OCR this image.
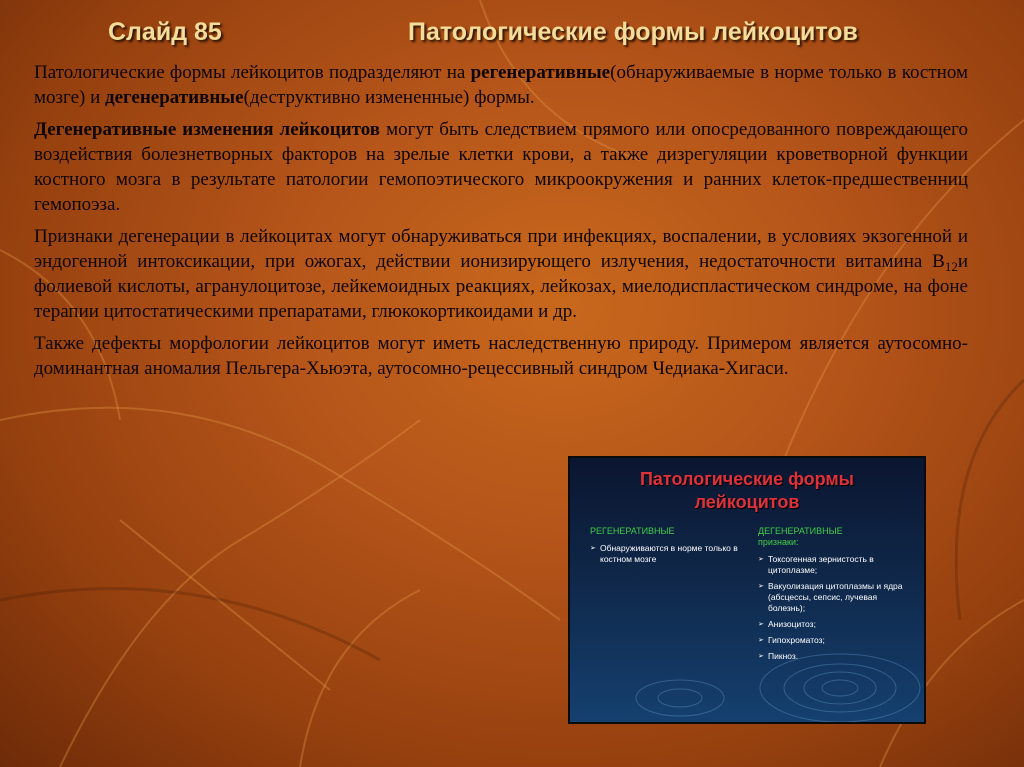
Слайд 85	Патологические формы лейкоцитов

Патологические формы лейкоцитов подразделяют на регенеративные(обнаруживаемые в норме только в костном мозге) и дегенеративные(деструктивно измененные) формы.

Дегенеративные изменения лейкоцитов могут быть следствием прямого или опосредованного повреждающего воздействия болезнетворных факторов на зрелые клетки крови, а также дизрегуляции кроветворной функции костного мозга в результате патологии гемопоэтического микроокружения и ранних клеток-предшественниц гемопоэза.

Признаки дегенерации в лейкоцитах могут обнаруживаться при инфекциях, воспалении, в условиях экзогенной и эндогенной интоксикации, при ожогах, действии ионизирующего излучения, недостаточности витамина $В_{12}и$ фолиевой кислоты, агранулоцитозе, лейкемоидных реакциях, лейкозах, миелодиспластическом синдроме, на фоне терапии цитостатическими препаратами, глюкокортикоидами и др.

Также дефекты морфологии лейкоцитов могут иметь наследственную природу. Примером является аутосомно-доминантная аномалия Пельгера-Хьюэта, аутосомно-рецессивный синдром Чедиака-Хигаси.

Патологические формы
лейкоцитов
РЕГЕНЕРАТИВНЫЕ
➢ Обнаруживаются в норме только в костном мозге
ДЕГЕНЕРАТИВНЫЕ
признаки:
➢ Токсогенная зернистость в цитоплазме;
➢ Вакуолизация цитоплазмы и ядра (абсцессы, сепсис, лучевая болезнь);
➢ Анизоцитоз;
➢ Гипохроматоз;
➢ Пикноз.
